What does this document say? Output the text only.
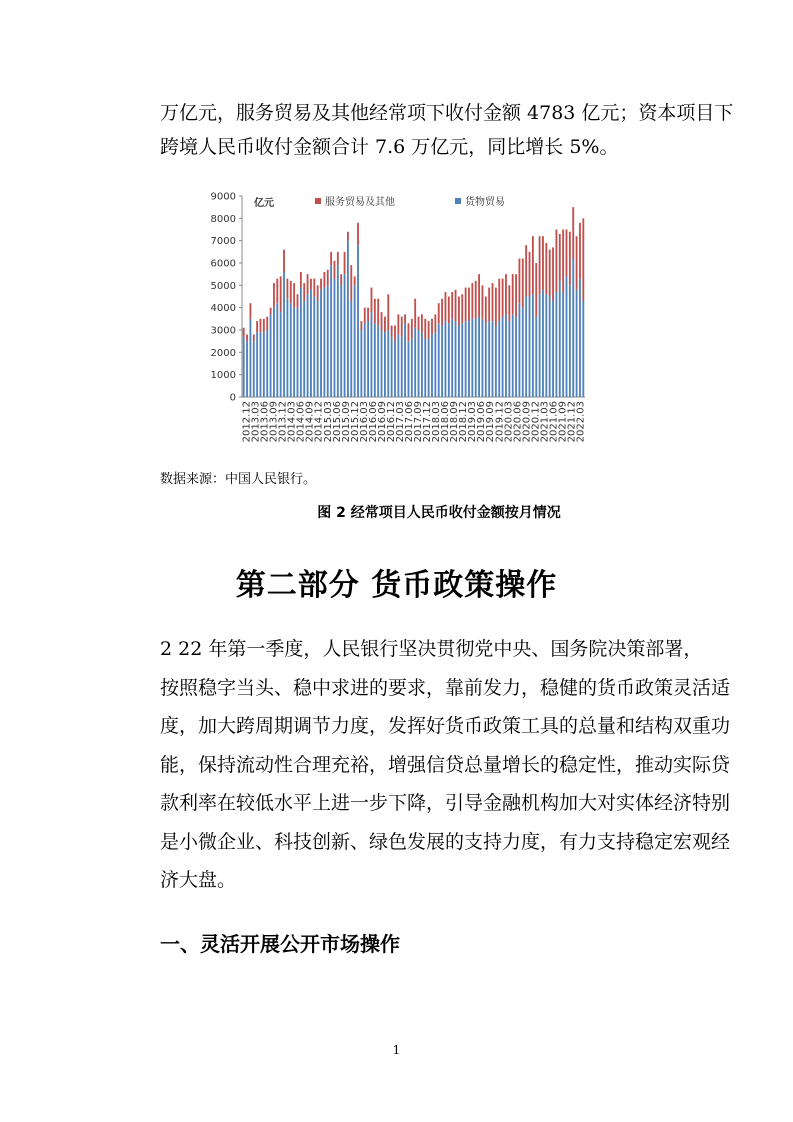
万亿元，服务贸易及其他经常项下收付金额 4783 亿元；资本项目下
跨境人民币收付金额合计 7.6 万亿元，同比增长 5%。
0
1000
2000
3000
4000
5000
6000
7000
8000
9000
亿元	服务贸易及其他	货物贸易
2012.12
2013.03
2013.06
2013.09
2013.12
2014.03
2014.06
2014.09
2014.12
2015.03
2015.06
2015.09
2015.12
2016.03
2016.06
2016.09
2016.12
2017.03
2017.06
2017.09
2017.12
2018.03
2018.06
2018.09
2018.12
2019.03
2019.06
2019.09
2019.12
2020.03
2020.06
2020.09
2020.12
2021.03
2021.06
2021.09
2021.12
2022.03
数据来源：中国人民银行。
图 2 经常项目人民币收付金额按月情况
第二部分 货币政策操作
2 22 年第一季度，人民银行坚决贯彻党中央、国务院决策部署，
按照稳字当头、稳中求进的要求，靠前发力，稳健的货币政策灵活适
度，加大跨周期调节力度，发挥好货币政策工具的总量和结构双重功
能，保持流动性合理充裕，增强信贷总量增长的稳定性，推动实际贷
款利率在较低水平上进一步下降，引导金融机构加大对实体经济特别
是小微企业、科技创新、绿色发展的支持力度，有力支持稳定宏观经
济大盘。
一、灵活开展公开市场操作
1
